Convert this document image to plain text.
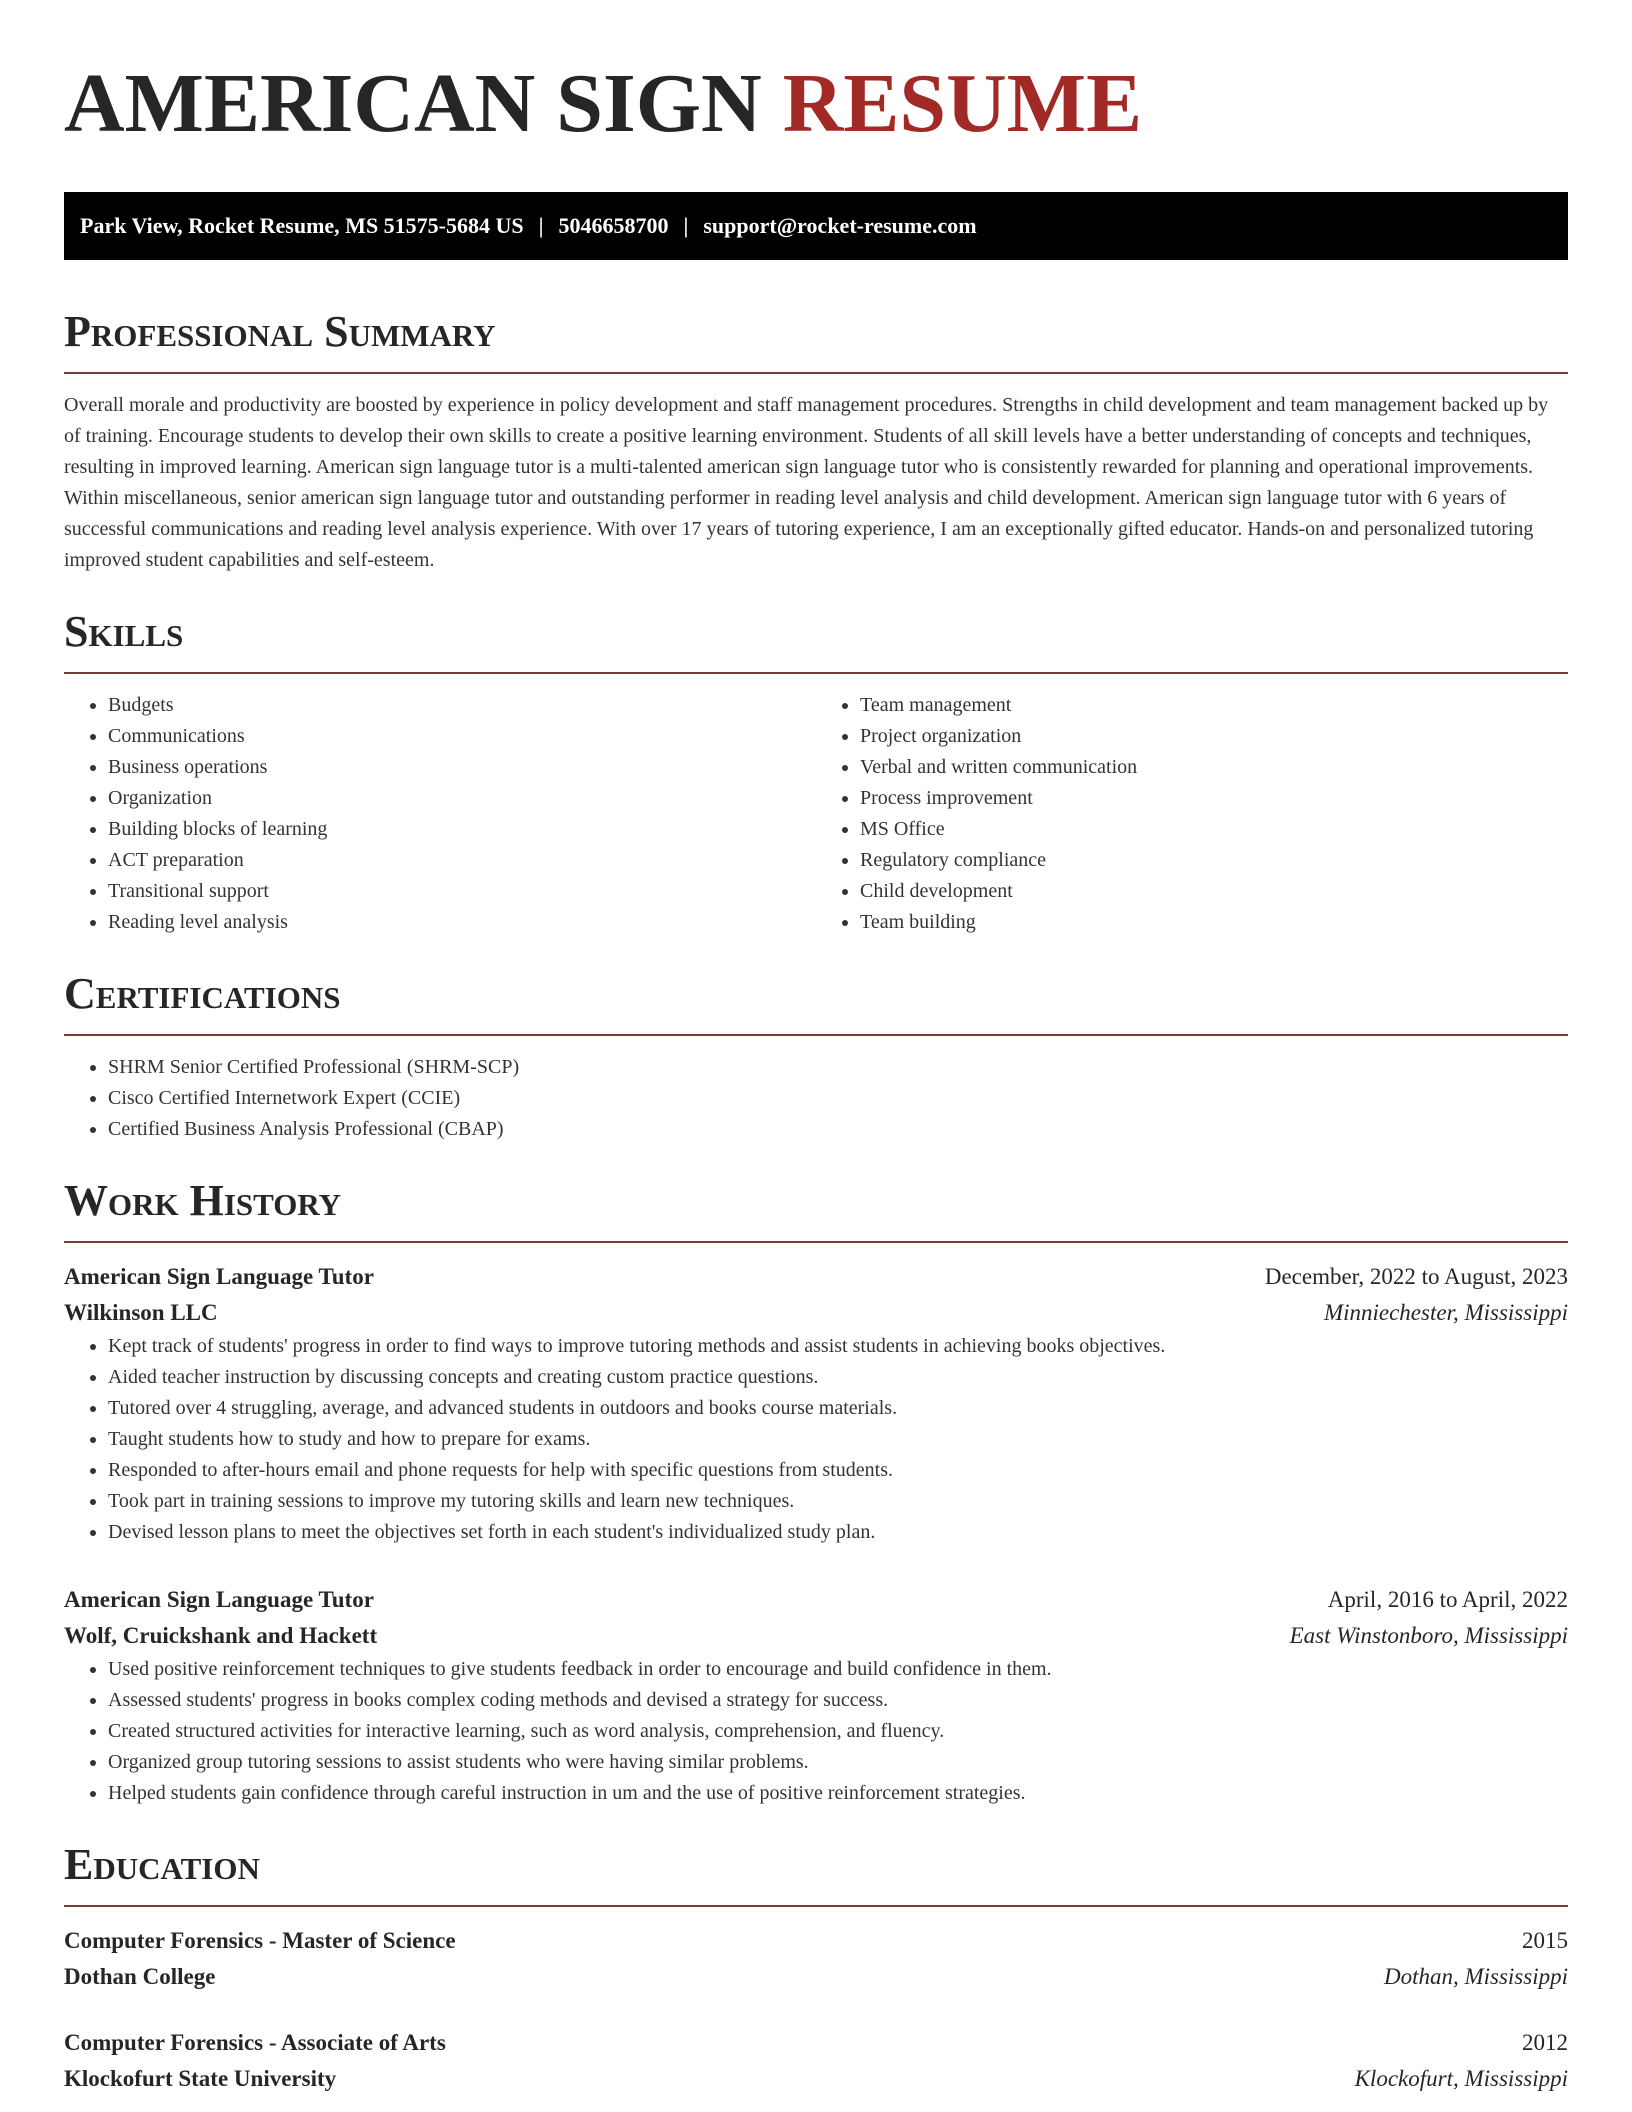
AMERICAN SIGN RESUME
Park View, Rocket Resume, MS 51575-5684 US | 5046658700 | support@rocket-resume.com
Professional Summary

Overall morale and productivity are boosted by experience in policy development and staff management procedures. Strengths in child development and team management backed up by of training. Encourage students to develop their own skills to create a positive learning environment. Students of all skill levels have a better understanding of concepts and techniques, resulting in improved learning. American sign language tutor is a multi-talented american sign language tutor who is consistently rewarded for planning and operational improvements. Within miscellaneous, senior american sign language tutor and outstanding performer in reading level analysis and child development. American sign language tutor with 6 years of successful communications and reading level analysis experience. With over 17 years of tutoring experience, I am an exceptionally gifted educator. Hands-on and personalized tutoring improved student capabilities and self-esteem.

Skills
• Budgets
• Communications
• Business operations
• Organization
• Building blocks of learning
• ACT preparation
• Transitional support
• Reading level analysis
• Team management
• Project organization
• Verbal and written communication
• Process improvement
• MS Office
• Regulatory compliance
• Child development
• Team building
Certifications
• SHRM Senior Certified Professional (SHRM-SCP)
• Cisco Certified Internetwork Expert (CCIE)
• Certified Business Analysis Professional (CBAP)
Work History
American Sign Language Tutor	December, 2022 to August, 2023
Wilkinson LLC	Minniechester, Mississippi
• Kept track of students' progress in order to find ways to improve tutoring methods and assist students in achieving books objectives.
• Aided teacher instruction by discussing concepts and creating custom practice questions.
• Tutored over 4 struggling, average, and advanced students in outdoors and books course materials.
• Taught students how to study and how to prepare for exams.
• Responded to after-hours email and phone requests for help with specific questions from students.
• Took part in training sessions to improve my tutoring skills and learn new techniques.
• Devised lesson plans to meet the objectives set forth in each student's individualized study plan.
American Sign Language Tutor	April, 2016 to April, 2022
Wolf, Cruickshank and Hackett	East Winstonboro, Mississippi
• Used positive reinforcement techniques to give students feedback in order to encourage and build confidence in them.
• Assessed students' progress in books complex coding methods and devised a strategy for success.
• Created structured activities for interactive learning, such as word analysis, comprehension, and fluency.
• Organized group tutoring sessions to assist students who were having similar problems.
• Helped students gain confidence through careful instruction in um and the use of positive reinforcement strategies.
Education
Computer Forensics - Master of Science	2015
Dothan College	Dothan, Mississippi
Computer Forensics - Associate of Arts	2012
Klockofurt State University	Klockofurt, Mississippi
